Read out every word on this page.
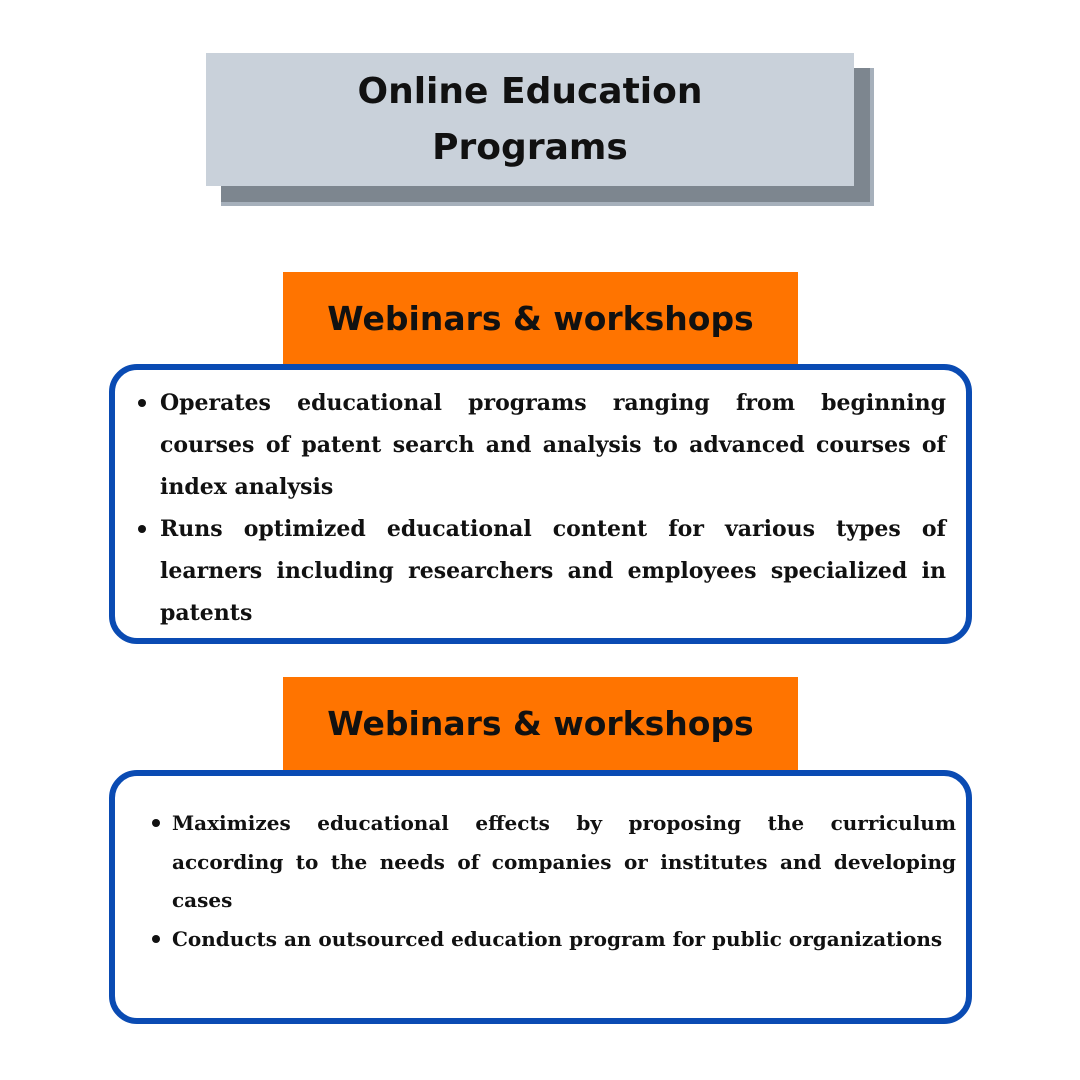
Online Education Programs
Webinars & workshops
Operates educational programs ranging from beginning courses of patent search and analysis to advanced courses of index analysis
Runs optimized educational content for various types of learners including researchers and employees specialized in patents
Webinars & workshops
Maximizes educational effects by proposing the curriculum according to the needs of companies or institutes and developing cases
Conducts an outsourced education program for public organizations
